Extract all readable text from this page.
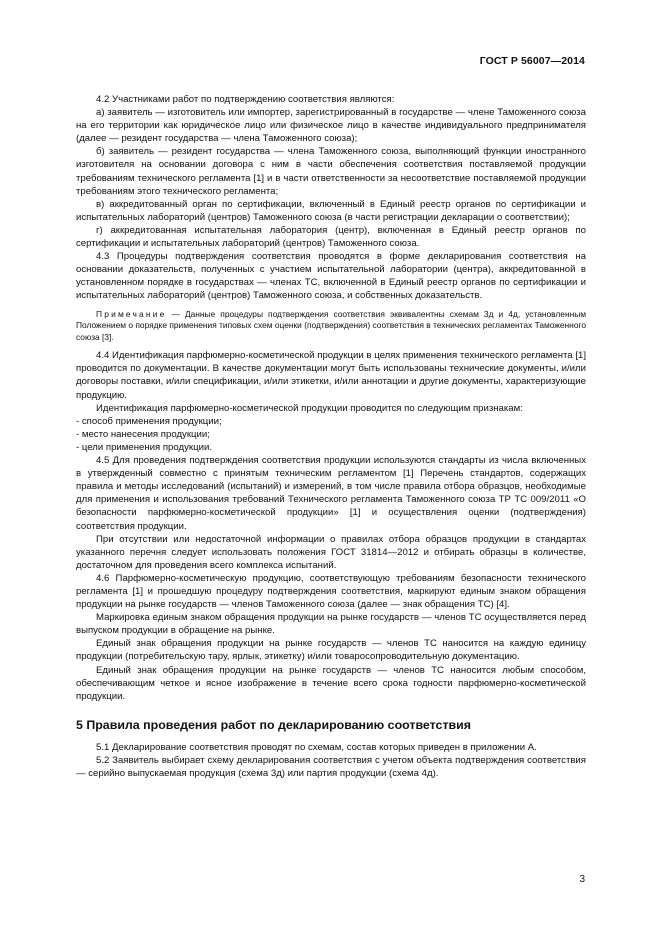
ГОСТ Р 56007—2014

4.2 Участниками работ по подтверждению соответствия являются:

а) заявитель — изготовитель или импортер, зарегистрированный в государстве — члене Таможенного союза на его территории как юридическое лицо или физическое лицо в качестве индивидуального предпринимателя (далее — резидент государства — члена Таможенного союза);

б) заявитель — резидент государства — члена Таможенного союза, выполняющий функции иностранного изготовителя на основании договора с ним в части обеспечения соответствия поставляемой продукции требованиям технического регламента [1] и в части ответственности за несоответствие поставляемой продукции требованиям этого технического регламента;

в) аккредитованный орган по сертификации, включенный в Единый реестр органов по сертификации и испытательных лабораторий (центров) Таможенного союза (в части регистрации декларации о соответствии);

г) аккредитованная испытательная лаборатория (центр), включенная в Единый реестр органов по сертификации и испытательных лабораторий (центров) Таможенного союза.

4.3 Процедуры подтверждения соответствия проводятся в форме декларирования соответствия на основании доказательств, полученных с участием испытательной лаборатории (центра), аккредитованной в установленном порядке в государствах — членах ТС, включенной в Единый реестр органов по сертификации и испытательных лабораторий (центров) Таможенного союза, и собственных доказательств.

Примечание — Данные процедуры подтверждения соответствия эквивалентны схемам 3д и 4д, установленным Положением о порядке применения типовых схем оценки (подтверждения) соответствия в технических регламентах Таможенного союза [3].

4.4 Идентификация парфюмерно-косметической продукции в целях применения технического регламента [1] проводится по документации. В качестве документации могут быть использованы технические документы, и/или договоры поставки, и/или спецификации, и/или этикетки, и/или аннотации и другие документы, характеризующие продукцию.

Идентификация парфюмерно-косметической продукции проводится по следующим признакам:

- способ применения продукции;

- место нанесения продукции;

- цели применения продукции.

4.5 Для проведения подтверждения соответствия продукции используются стандарты из числа включенных в утвержденный совместно с принятым техническим регламентом [1] Перечень стандартов, содержащих правила и методы исследований (испытаний) и измерений, в том числе правила отбора образцов, необходимые для применения и использования требований Технического регламента Таможенного союза ТР ТС 009/2011 «О безопасности парфюмерно-косметической продукции» [1] и осуществления оценки (подтверждения) соответствия продукции.

При отсутствии или недостаточной информации о правилах отбора образцов продукции в стандартах указанного перечня следует использовать положения ГОСТ 31814—2012 и отбирать образцы в количестве, достаточном для проведения всего комплекса испытаний.

4.6 Парфюмерно-косметическую продукцию, соответствующую требованиям безопасности технического регламента [1] и прошедшую процедуру подтверждения соответствия, маркируют единым знаком обращения продукции на рынке государств — членов Таможенного союза (далее — знак обращения ТС) [4].

Маркировка единым знаком обращения продукции на рынке государств — членов ТС осуществляется перед выпуском продукции в обращение на рынке.

Единый знак обращения продукции на рынке государств — членов ТС наносится на каждую единицу продукции (потребительскую тару, ярлык, этикетку) и/или товаросопроводительную документацию.

Единый знак обращения продукции на рынке государств — членов ТС наносится любым способом, обеспечивающим четкое и ясное изображение в течение всего срока годности парфюмерно-косметической продукции.

5 Правила проведения работ по декларированию соответствия

5.1 Декларирование соответствия проводят по схемам, состав которых приведен в приложении А.

5.2 Заявитель выбирает схему декларирования соответствия с учетом объекта подтверждения соответствия — серийно выпускаемая продукция (схема 3д) или партия продукции (схема 4д).

3
